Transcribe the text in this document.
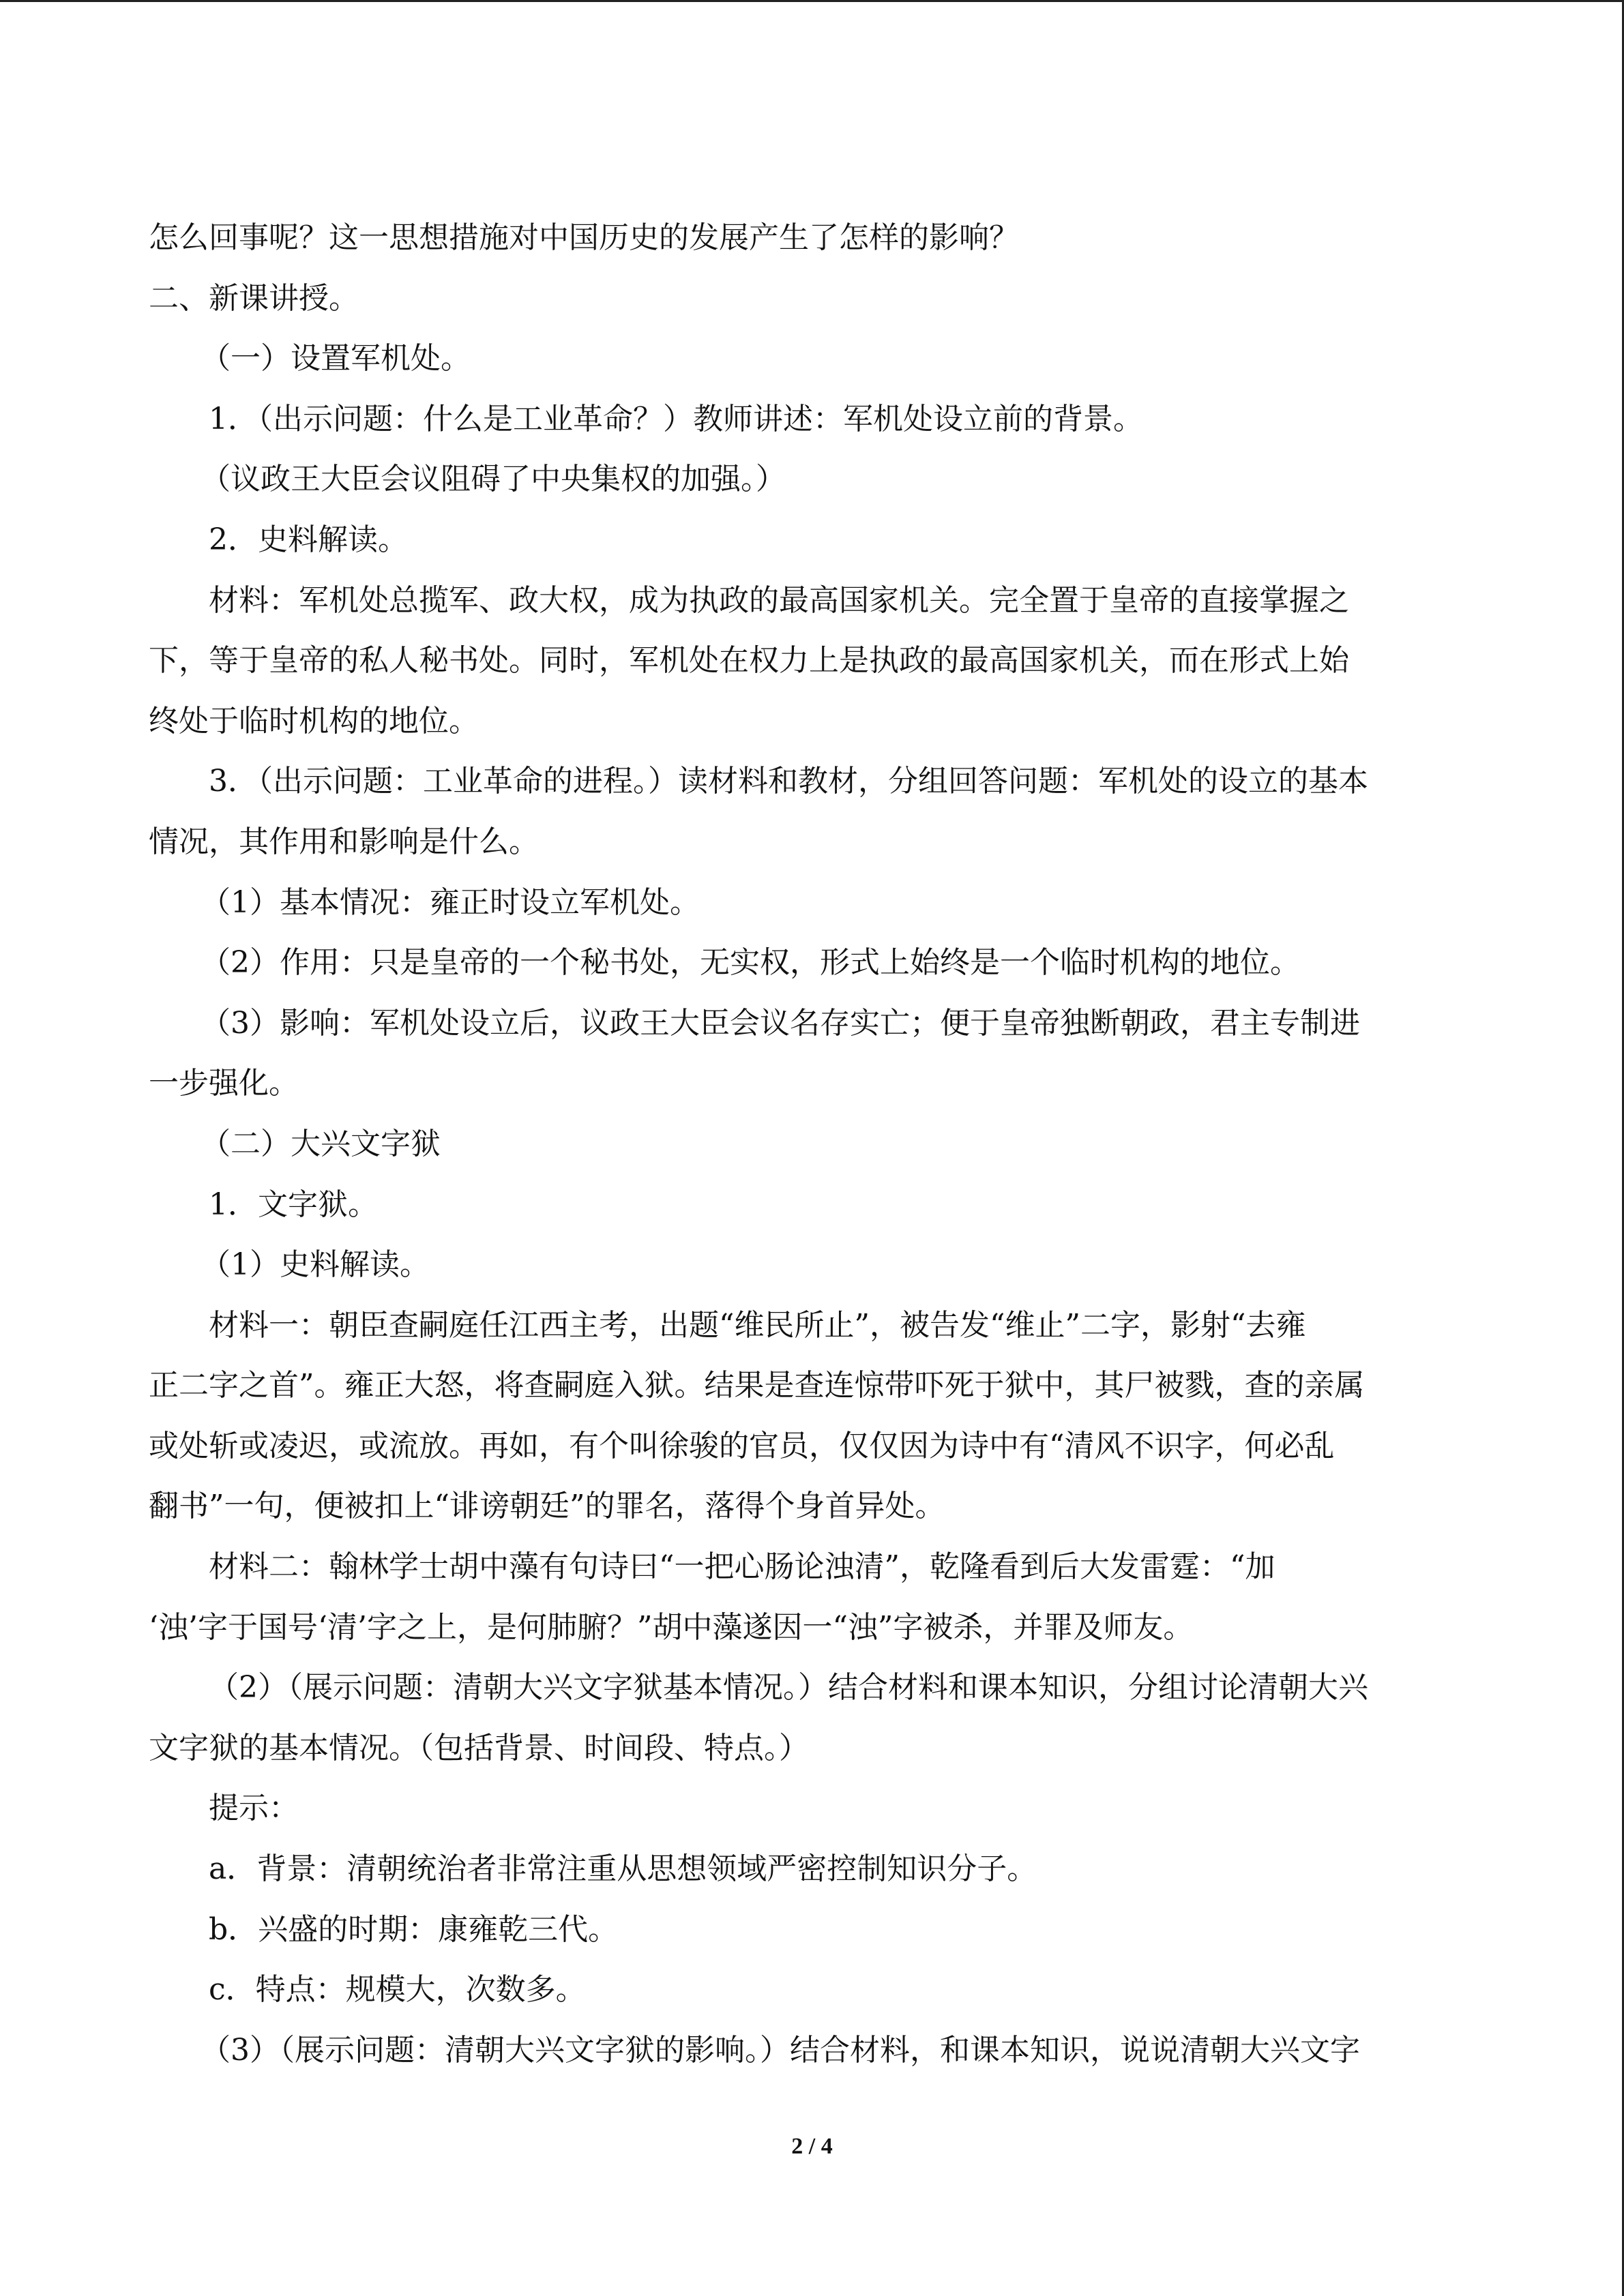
怎么回事呢？这一思想措施对中国历史的发展产生了怎样的影响？
二、新课讲授。
（一）设置军机处。
1．（出示问题：什么是工业革命？）教师讲述：军机处设立前的背景。
（议政王大臣会议阻碍了中央集权的加强。）
2．史料解读。
材料：军机处总揽军、政大权，成为执政的最高国家机关。完全置于皇帝的直接掌握之
下，等于皇帝的私人秘书处。同时，军机处在权力上是执政的最高国家机关，而在形式上始
终处于临时机构的地位。
3．（出示问题：工业革命的进程。）读材料和教材，分组回答问题：军机处的设立的基本
情况，其作用和影响是什么。
（1）基本情况：雍正时设立军机处。
（2）作用：只是皇帝的一个秘书处，无实权，形式上始终是一个临时机构的地位。
（3）影响：军机处设立后，议政王大臣会议名存实亡；便于皇帝独断朝政，君主专制进
一步强化。
（二）大兴文字狱
1．文字狱。
（1）史料解读。
材料一：朝臣查嗣庭任江西主考，出题“维民所止”，被告发“维止”二字，影射“去雍
正二字之首”。雍正大怒，将查嗣庭入狱。结果是查连惊带吓死于狱中，其尸被戮，查的亲属
或处斩或凌迟，或流放。再如，有个叫徐骏的官员，仅仅因为诗中有“清风不识字，何必乱
翻书”一句，便被扣上“诽谤朝廷”的罪名，落得个身首异处。
材料二：翰林学士胡中藻有句诗曰“一把心肠论浊清”，乾隆看到后大发雷霆：“加
‘浊’字于国号‘清’字之上，是何肺腑？”胡中藻遂因一“浊”字被杀，并罪及师友。
（2）（展示问题：清朝大兴文字狱基本情况。）结合材料和课本知识，分组讨论清朝大兴
文字狱的基本情况。（包括背景、时间段、特点。）
提示：
a．背景：清朝统治者非常注重从思想领域严密控制知识分子。
b．兴盛的时期：康雍乾三代。
c．特点：规模大，次数多。
（3）（展示问题：清朝大兴文字狱的影响。）结合材料，和课本知识，说说清朝大兴文字
2 / 4
